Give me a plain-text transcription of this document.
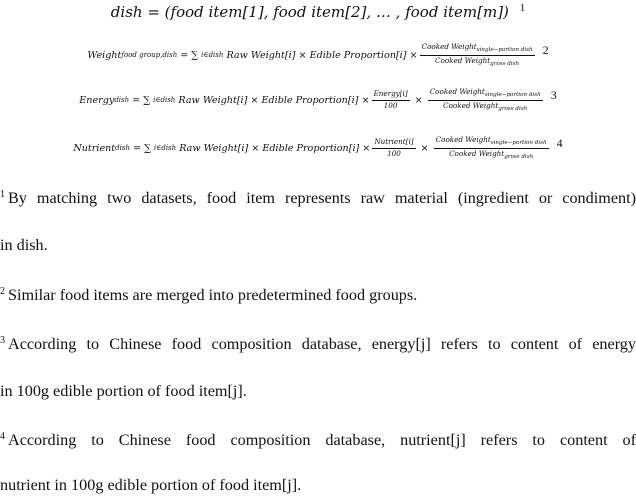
dish = (food item[1], food item[2], … , food item[m]) $^1$
Weight food group,dish = ∑ i∈dish
Raw Weight[i] × Edible Proportion[i] × $\frac{Cooked Weight_{single-portion dish}}{Cooked Weight_{gross dish}} 2$
Energy dish = ∑ i∈dish
Raw Weight[i] × Edible Proportion[i] × $\frac{\text{Energy[i]}}{100} \times \frac{Cooked Weight_{single-portion dish}}{Cooked Weight_{gross dish}} 3$
Nutrient dish = ∑ i∈dish
Raw Weight[i] × Edible Proportion[i] × $\frac{\text{Nutrient[i]}}{100} \times \frac{Cooked Weight_{single-portion dish}}{Cooked Weight_{gross dish}} 4$
$^1$ By matching two datasets, food item represents raw material (ingredient or condiment)
in dish.
$^2$ Similar food items are merged into predetermined food groups.
$^3$ According to Chinese food composition database, energy[j] refers to content of energy
in 100g edible portion of food item[j].
$^4$ According to Chinese food composition database, nutrient[j] refers to content of
nutrient in 100g edible portion of food item[j].
